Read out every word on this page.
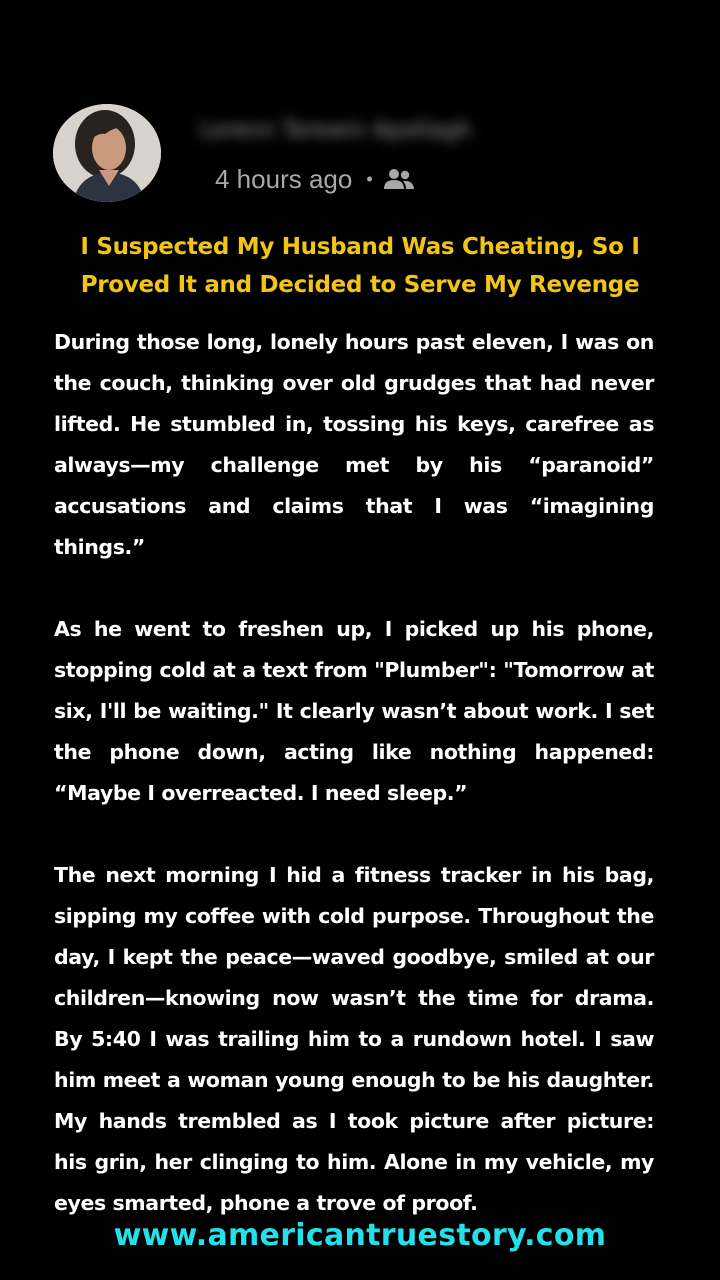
Lorenn Tarewin Apotlagh
4 hours ago •
I Suspected My Husband Was Cheating, So I Proved It and Decided to Serve My Revenge

During those long, lonely hours past eleven, I was on the couch, thinking over old grudges that had never lifted. He stumbled in, tossing his keys, carefree as always—my challenge met by his “paranoid” accusations and claims that I was “imagining things.”

As he went to freshen up, I picked up his phone, stopping cold at a text from "Plumber": "Tomorrow at six, I'll be waiting." It clearly wasn’t about work. I set the phone down, acting like nothing happened: “Maybe I overreacted. I need sleep.”

The next morning I hid a fitness tracker in his bag, sipping my coffee with cold purpose. Throughout the day, I kept the peace—waved goodbye, smiled at our children—knowing now wasn’t the time for drama. By 5:40 I was trailing him to a rundown hotel. I saw him meet a woman young enough to be his daughter. My hands trembled as I took picture after picture: his grin, her clinging to him. Alone in my vehicle, my eyes smarted, phone a trove of proof.

www.americantruestory.com
